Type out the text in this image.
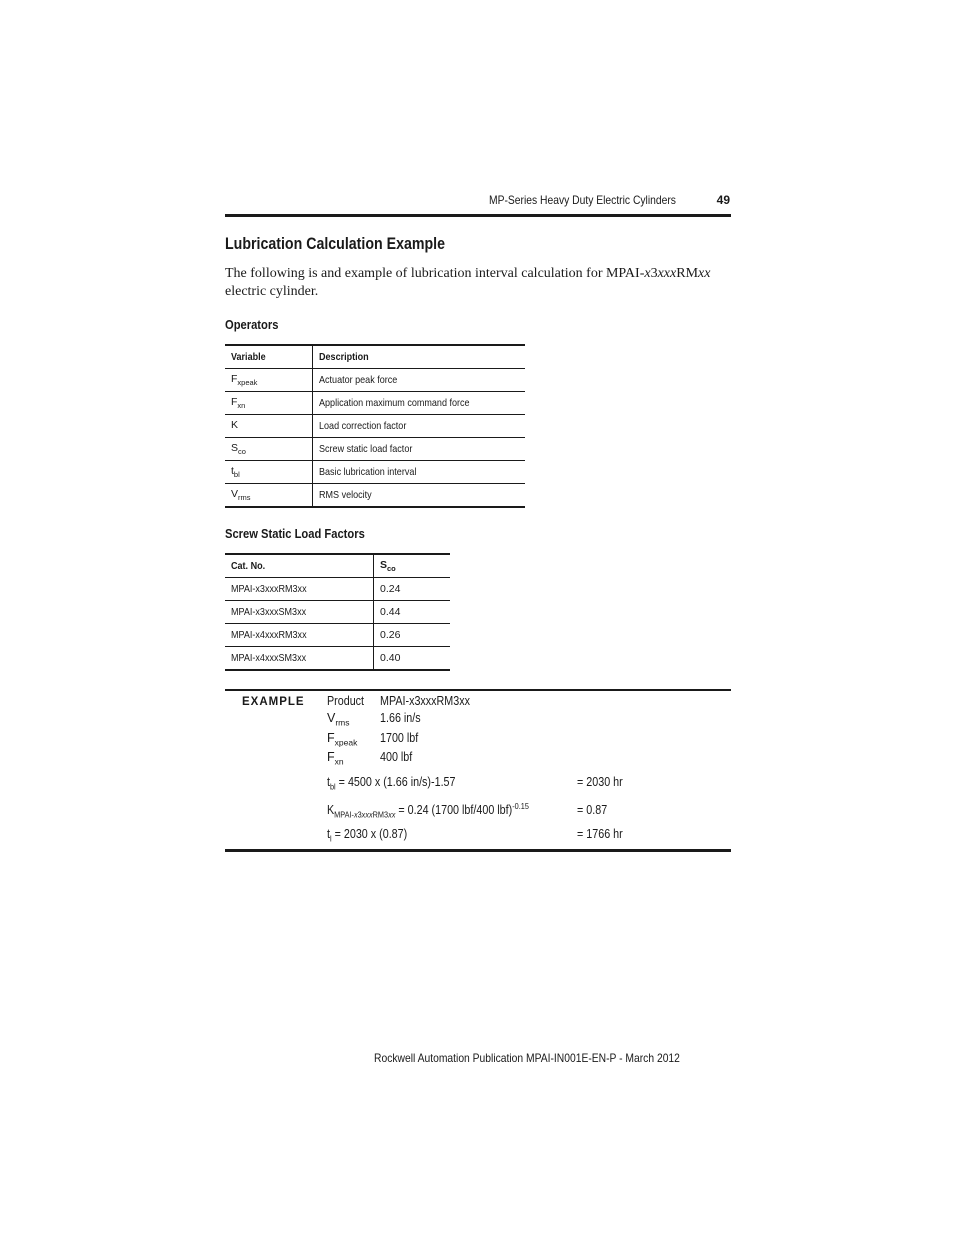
MP-Series Heavy Duty Electric Cylinders	49
Lubrication Calculation Example
The following is and example of lubrication interval calculation for MPAI-x3xxxRMxx electric cylinder.
Operators
Variable	Description
$F_{xpeak}$	Actuator peak force
$F_{xn}$	Application maximum command force
K	Load correction factor
$S_{co}$	Screw static load factor
$t_{bl}$	Basic lubrication interval
$V_{rms}$	RMS velocity
Screw Static Load Factors
Cat. No.	$S_{co}$
MPAI-x3xxxRM3xx	0.24
MPAI-x3xxxSM3xx	0.44
MPAI-x4xxxRM3xx	0.26
MPAI-x4xxxSM3xx	0.40
EXAMPLE Product	MPAI-x3xxxRM3xx
$V_{rms}$ 1.66 in/s
$F_{xpeak}$ 1700 lbf
$F_{xn}$	400 lbf
$t_{bl} = 4500$ x (1.66 in/s)-1.57	= 2030 hr
$K_{MPAI-x3xxxRM3xx} = 0.24$ (1700 lbf/400 lbf)$^{-0.15}$	= 0.87
$t_l = 2030$ x (0.87)	= 1766 hr
Rockwell Automation Publication MPAI-IN001E-EN-P - March 2012
